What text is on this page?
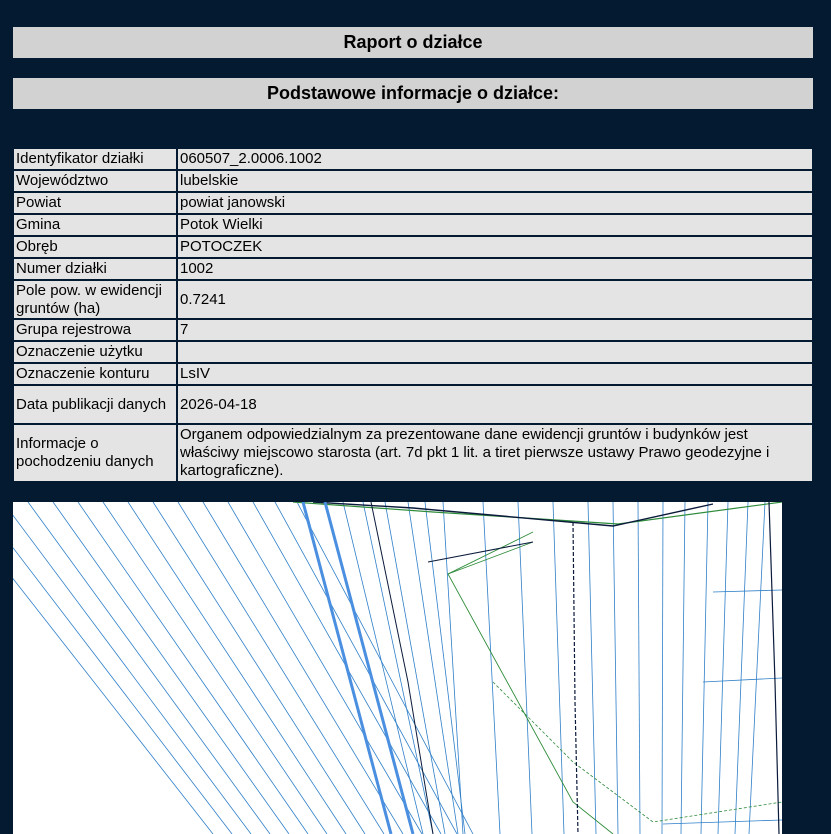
Raport o działce
Podstawowe informacje o działce:
Identyfikator działki	060507_2.0006.1002
Województwo	lubelskie
Powiat	powiat janowski
Gmina	Potok Wielki
Obręb	POTOCZEK
Numer działki	1002
Pole pow. w ewidencji gruntów (ha)	0.7241
Grupa rejestrowa	7
Oznaczenie użytku	
Oznaczenie konturu	LsIV
Data publikacji danych	2026-04-18
Informacje o pochodzeniu danych	Organem odpowiedzialnym za prezentowane dane ewidencji gruntów i budynków jest właściwy miejscowo starosta (art. 7d pkt 1 lit. a tiret pierwsze ustawy Prawo geodezyjne i kartograficzne).
